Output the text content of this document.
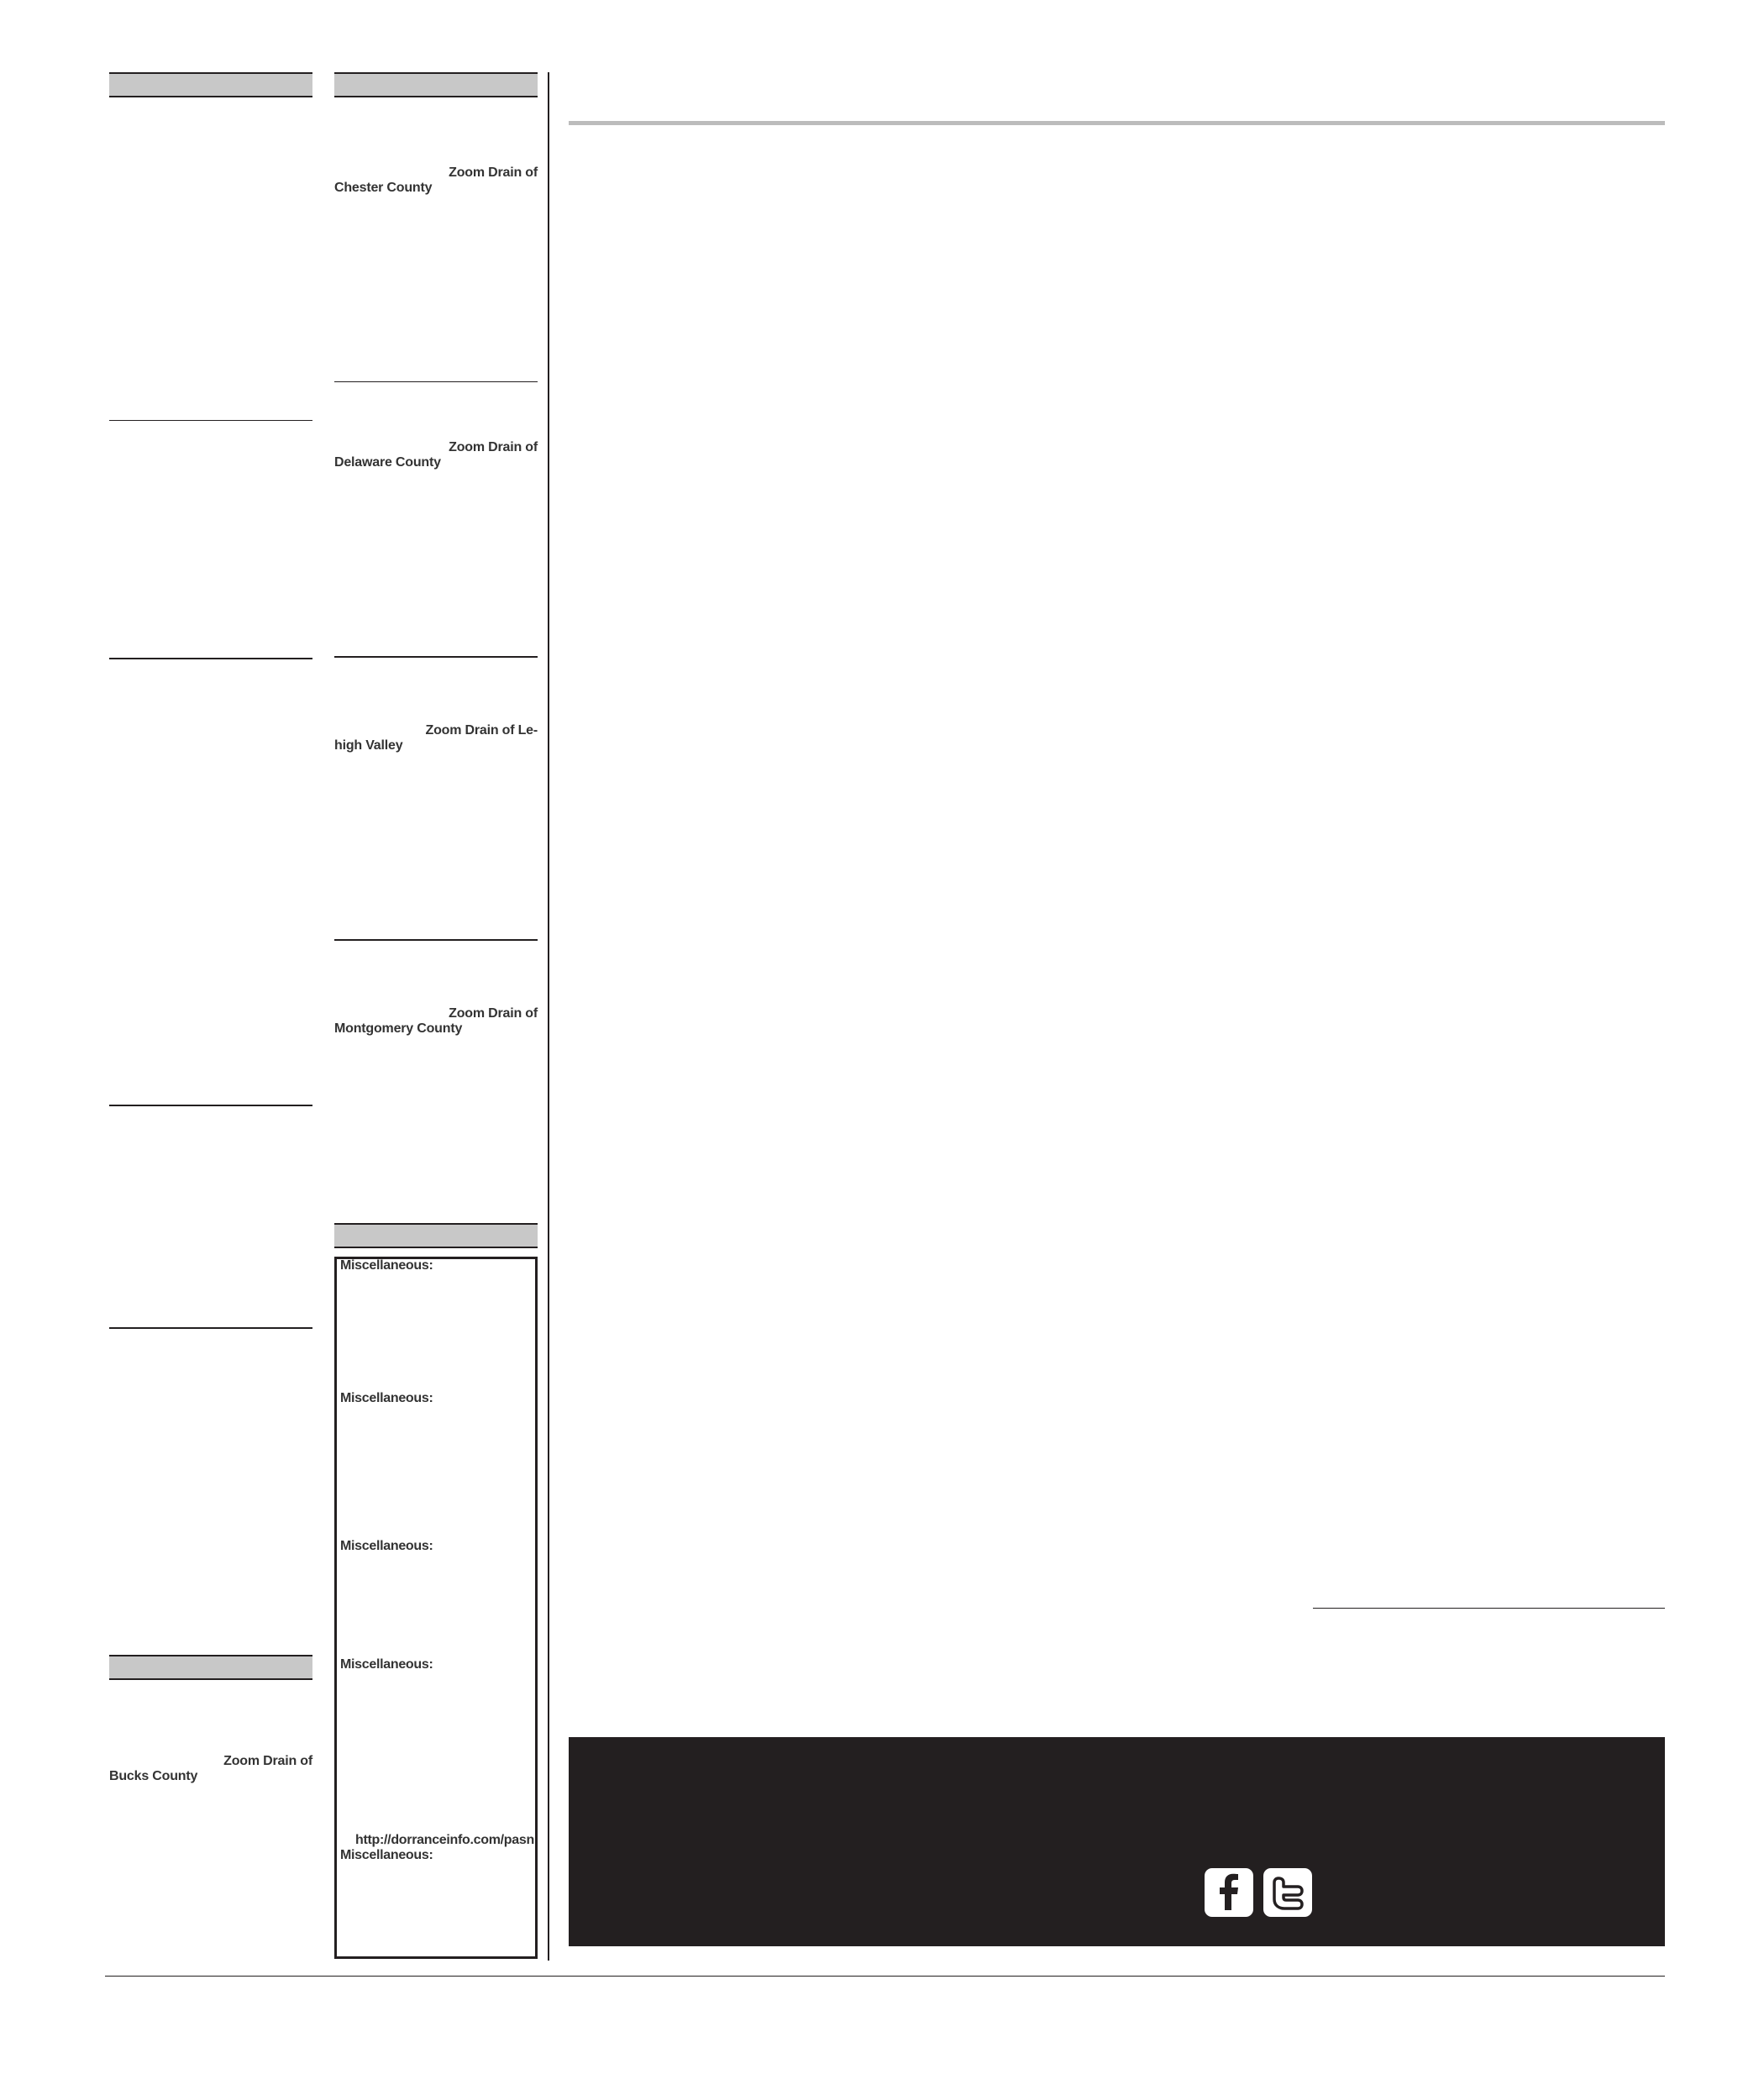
Zoom Drain of
Bucks County
Zoom Drain of
Chester County
Zoom Drain of
Delaware County
Zoom Drain of Le-
high Valley
Zoom Drain of
Montgomery County
Miscellaneous:
Miscellaneous:
Miscellaneous:
Miscellaneous:
http://dorranceinfo.com/pasn
Miscellaneous:
